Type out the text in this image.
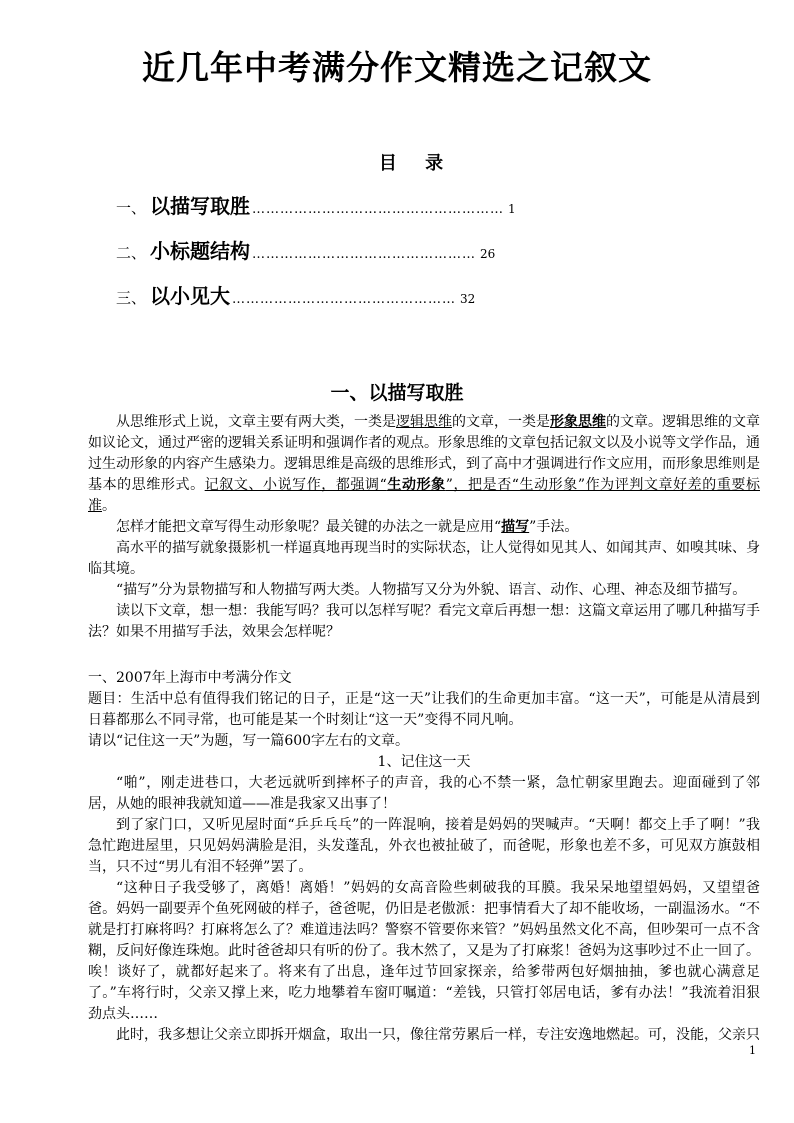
近几年中考满分作文精选之记叙文
目 录
一、 以描写取胜 ……………………………………………… 1
二、 小标题结构 ………………………………………… 26
三、 以小见大 ………………………………………… 32
一、以描写取胜

从思维形式上说，文章主要有两大类，一类是逻辑思维的文章，一类是形象思维的文章。逻辑思维的文章如议论文，通过严密的逻辑关系证明和强调作者的观点。形象思维的文章包括记叙文以及小说等文学作品，通过生动形象的内容产生感染力。逻辑思维是高级的思维形式，到了高中才强调进行作文应用，而形象思维则是基本的思维形式。记叙文、小说写作，都强调“生动形象”，把是否“生动形象”作为评判文章好差的重要标准。

怎样才能把文章写得生动形象呢？最关键的办法之一就是应用“描写”手法。

高水平的描写就象摄影机一样逼真地再现当时的实际状态，让人觉得如见其人、如闻其声、如嗅其味、身临其境。

“描写”分为景物描写和人物描写两大类。人物描写又分为外貌、语言、动作、心理、神态及细节描写。

读以下文章，想一想：我能写吗？我可以怎样写呢？看完文章后再想一想：这篇文章运用了哪几种描写手法？如果不用描写手法，效果会怎样呢？

一、2007年上海市中考满分作文

题目：生活中总有值得我们铭记的日子，正是“这一天”让我们的生命更加丰富。“这一天”，可能是从清晨到日暮都那么不同寻常，也可能是某一个时刻让“这一天”变得不同凡响。

请以“记住这一天”为题，写一篇600字左右的文章。

1、记住这一天

“啪”，刚走进巷口，大老远就听到摔杯子的声音，我的心不禁一紧，急忙朝家里跑去。迎面碰到了邻居，从她的眼神我就知道——准是我家又出事了！

到了家门口，又听见屋时面“乒乒乓乓”的一阵混响，接着是妈妈的哭喊声。“天啊！都交上手了啊！”我急忙跑进屋里，只见妈妈满脸是泪，头发蓬乱，外衣也被扯破了，而爸呢，形象也差不多，可见双方旗鼓相当，只不过“男儿有泪不轻弹”罢了。

“这种日子我受够了，离婚！离婚！”妈妈的女高音险些刺破我的耳膜。我呆呆地望望妈妈，又望望爸爸。妈妈一副要弄个鱼死网破的样子，爸爸呢，仍旧是老傲派：把事情看大了却不能收场，一副温汤水。“不就是打打麻将吗？打麻将怎么了？难道违法吗？警察不管要你来管？”妈妈虽然文化不高，但吵架可一点不含糊，反问好像连珠炮。此时爸爸却只有听的份了。我木然了，又是为了打麻浆！爸妈为这事吵过不止一回了。唉！谈好了，就都好起来了。将来有了出息，逢年过节回家探亲，给爹带两包好烟抽抽，爹也就心满意足了。”车将行时，父亲又撑上来，吃力地攀着车窗叮嘱道：“差钱，只管打邻居电话，爹有办法！”我流着泪狠劲点头……

此时，我多想让父亲立即拆开烟盒，取出一只，像往常劳累后一样，专注安逸地燃起。可，没能，父亲只

1
